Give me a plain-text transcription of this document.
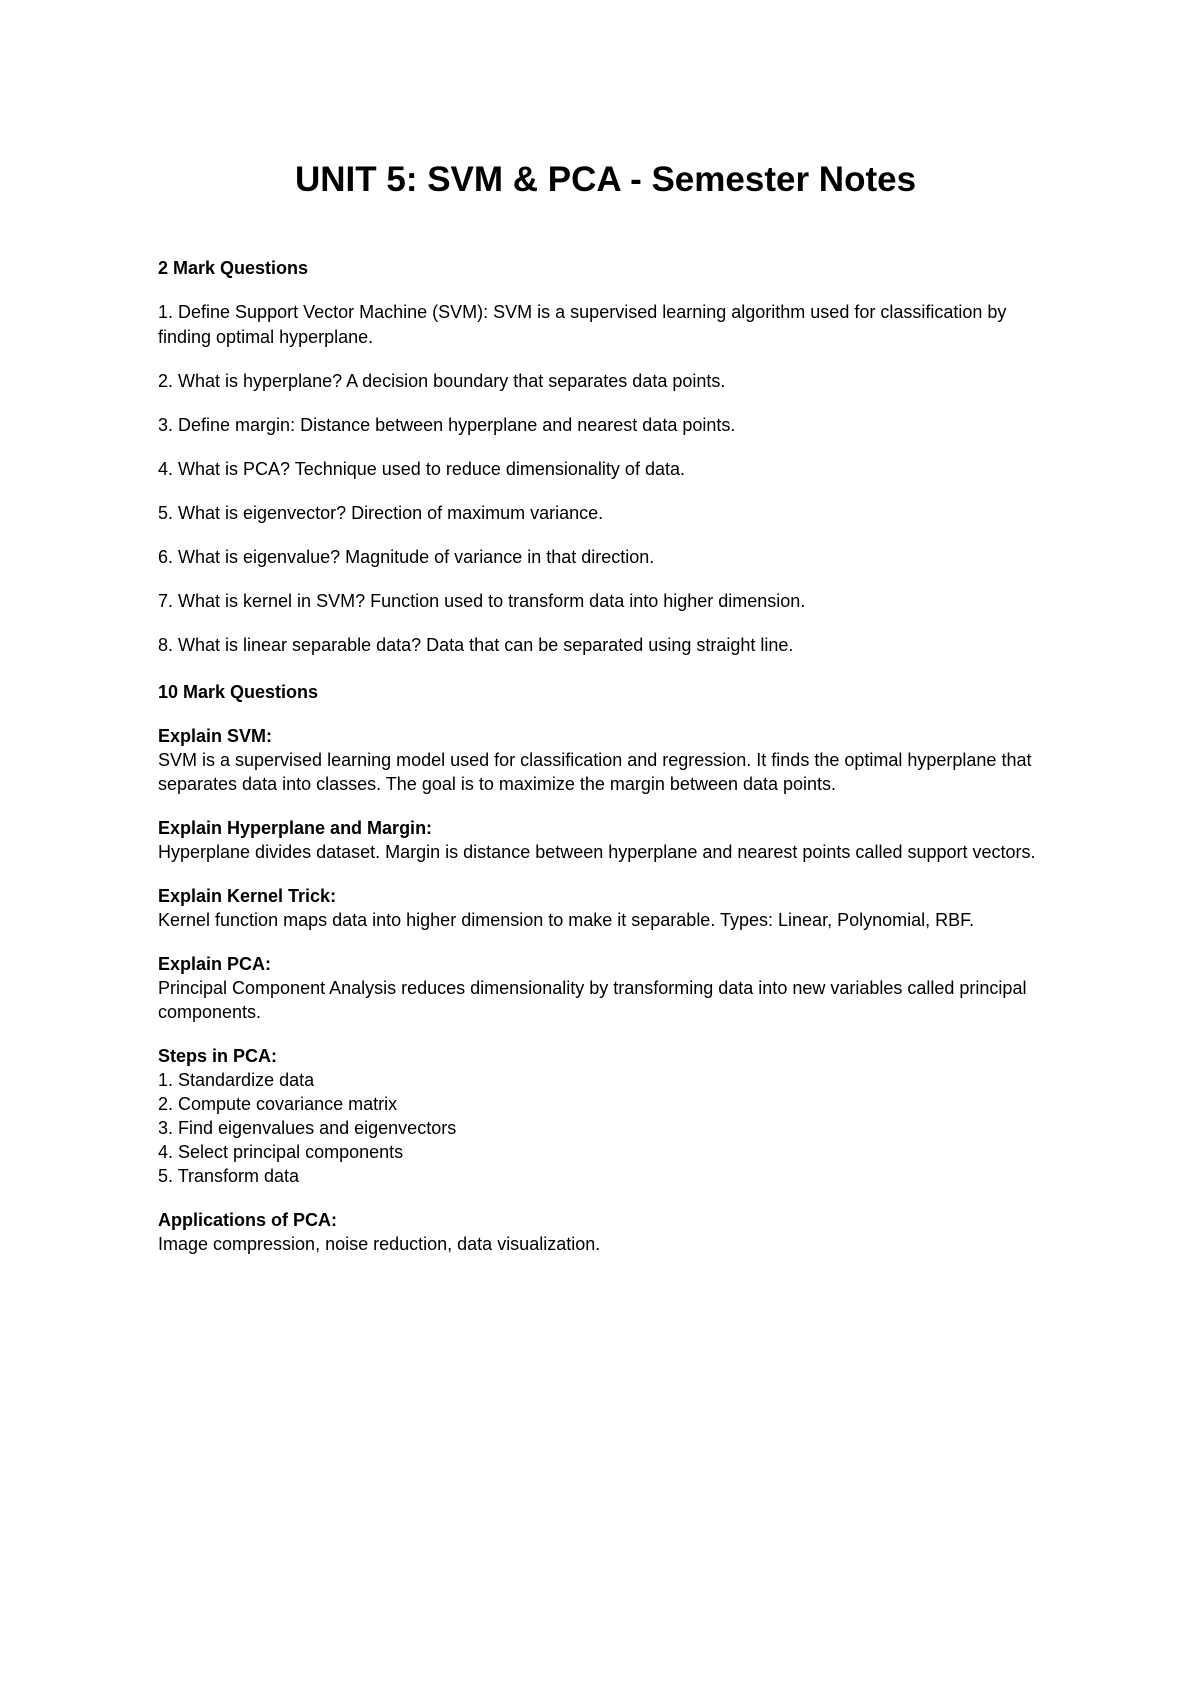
UNIT 5: SVM & PCA - Semester Notes

2 Mark Questions

1. Define Support Vector Machine (SVM): SVM is a supervised learning algorithm used for classification by finding optimal hyperplane.

2. What is hyperplane? A decision boundary that separates data points.

3. Define margin: Distance between hyperplane and nearest data points.

4. What is PCA? Technique used to reduce dimensionality of data.

5. What is eigenvector? Direction of maximum variance.

6. What is eigenvalue? Magnitude of variance in that direction.

7. What is kernel in SVM? Function used to transform data into higher dimension.

8. What is linear separable data? Data that can be separated using straight line.

10 Mark Questions

Explain SVM:

SVM is a supervised learning model used for classification and regression. It finds the optimal hyperplane that separates data into classes. The goal is to maximize the margin between data points.

Explain Hyperplane and Margin:

Hyperplane divides dataset. Margin is distance between hyperplane and nearest points called support vectors.

Explain Kernel Trick:

Kernel function maps data into higher dimension to make it separable. Types: Linear, Polynomial, RBF.

Explain PCA:

Principal Component Analysis reduces dimensionality by transforming data into new variables called principal components.

Steps in PCA:

1. Standardize data
2. Compute covariance matrix
3. Find eigenvalues and eigenvectors
4. Select principal components
5. Transform data

Applications of PCA:

Image compression, noise reduction, data visualization.
